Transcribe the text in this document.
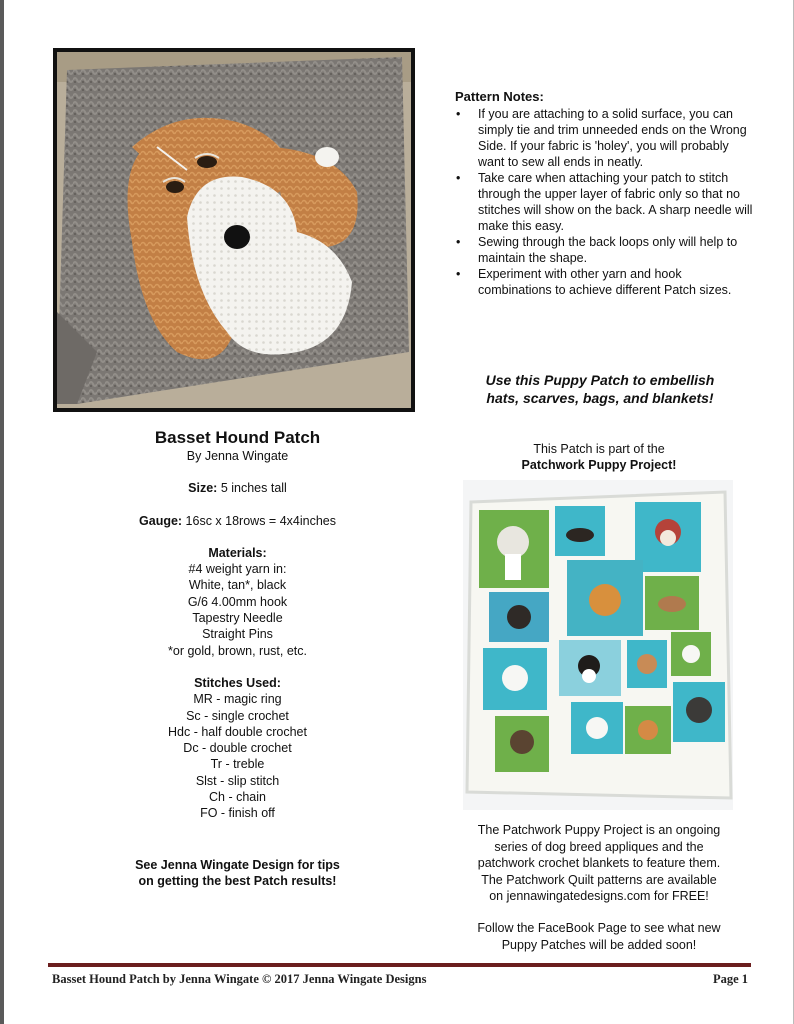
Pattern Notes:
• If you are attaching to a solid surface, you can simply tie and trim unneeded ends on the Wrong Side. If your fabric is 'holey', you will probably want to sew all ends in neatly.
• Take care when attaching your patch to stitch through the upper layer of fabric only so that no stitches will show on the back. A sharp needle will make this easy.
• Sewing through the back loops only will help to maintain the shape.
• Experiment with other yarn and hook combinations to achieve different Patch sizes.
Use this Puppy Patch to embellish
hats, scarves, bags, and blankets!
Basset Hound Patch
By Jenna Wingate
Size: 5 inches tall
Gauge: 16sc x 18rows = 4x4inches
Materials:
#4 weight yarn in:
White, tan*, black
G/6 4.00mm hook
Tapestry Needle
Straight Pins
*or gold, brown, rust, etc.
Stitches Used:
MR - magic ring
Sc - single crochet
Hdc - half double crochet
Dc - double crochet
Tr - treble
Slst - slip stitch
Ch - chain
FO - finish off
See Jenna Wingate Design for tips
on getting the best Patch results!
This Patch is part of the
Patchwork Puppy Project!
The Patchwork Puppy Project is an ongoing
series of dog breed appliques and the
patchwork crochet blankets to feature them.
The Patchwork Quilt patterns are available
on jennawingatedesigns.com for FREE!
Follow the FaceBook Page to see what new
Puppy Patches will be added soon!
Basset Hound Patch by Jenna Wingate © 2017 Jenna Wingate Designs	Page 1
